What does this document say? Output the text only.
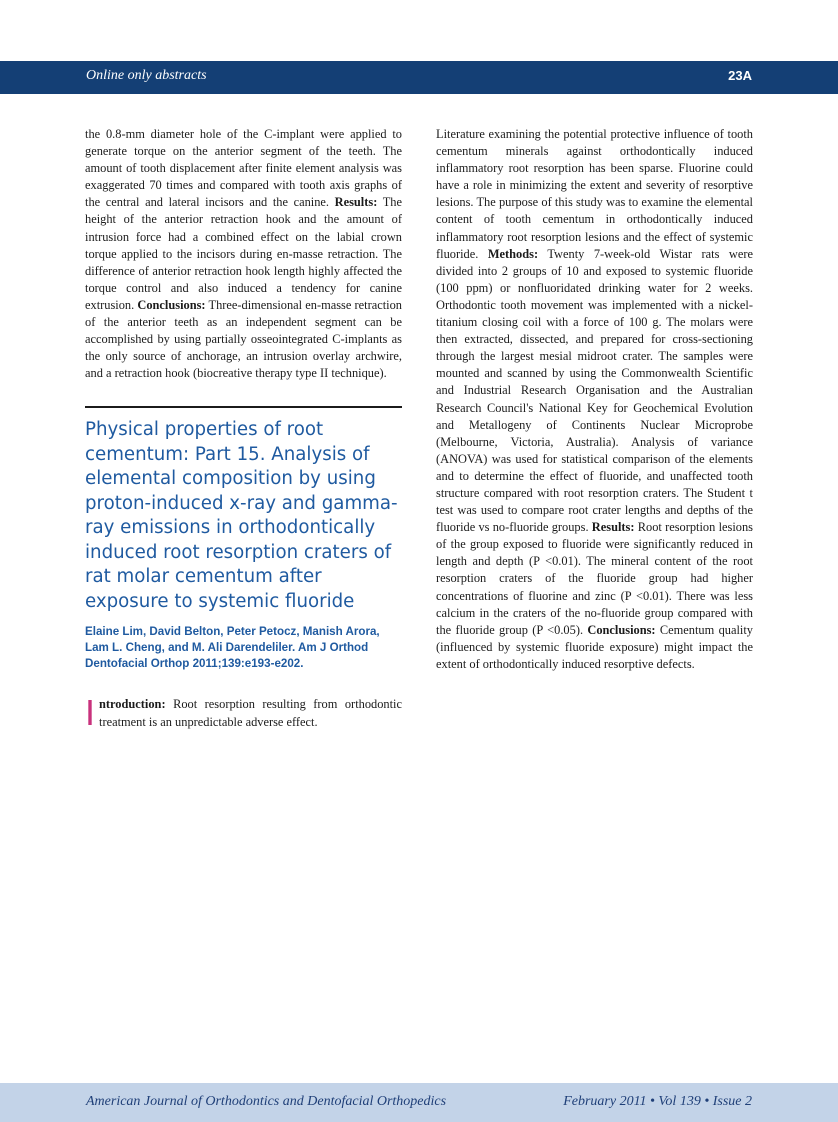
Online only abstracts	23A

the 0.8-mm diameter hole of the C-implant were applied to generate torque on the anterior segment of the teeth. The amount of tooth displacement after finite element analysis was exaggerated 70 times and compared with tooth axis graphs of the central and lateral incisors and the canine. Results: The height of the anterior retraction hook and the amount of intrusion force had a combined effect on the labial crown torque applied to the incisors during en-masse retraction. The difference of anterior retraction hook length highly affected the torque control and also induced a tendency for canine extrusion. Conclusions: Three-dimensional en-masse retraction of the anterior teeth as an independent segment can be accomplished by using partially osseointegrated C-implants as the only source of anchorage, an intrusion overlay archwire, and a retraction hook (biocreative therapy type II technique).

Physical properties of root cementum: Part 15. Analysis of elemental composition by using proton-induced x-ray and gamma-ray emissions in orthodontically induced root resorption craters of rat molar cementum after exposure to systemic fluoride

Elaine Lim, David Belton, Peter Petocz, Manish Arora, Lam L. Cheng, and M. Ali Darendeliler. Am J Orthod Dentofacial Orthop 2011;139:e193-e202.

Introduction: Root resorption resulting from orthodontic treatment is an unpredictable adverse effect.

Literature examining the potential protective influence of tooth cementum minerals against orthodontically induced inflammatory root resorption has been sparse. Fluorine could have a role in minimizing the extent and severity of resorptive lesions. The purpose of this study was to examine the elemental content of tooth cementum in orthodontically induced inflammatory root resorption lesions and the effect of systemic fluoride. Methods: Twenty 7-week-old Wistar rats were divided into 2 groups of 10 and exposed to systemic fluoride (100 ppm) or nonfluoridated drinking water for 2 weeks. Orthodontic tooth movement was implemented with a nickel-titanium closing coil with a force of 100 g. The molars were then extracted, dissected, and prepared for cross-sectioning through the largest mesial midroot crater. The samples were mounted and scanned by using the Commonwealth Scientific and Industrial Research Organisation and the Australian Research Council's National Key for Geochemical Evolution and Metallogeny of Continents Nuclear Microprobe (Melbourne, Victoria, Australia). Analysis of variance (ANOVA) was used for statistical comparison of the elements and to determine the effect of fluoride, and unaffected tooth structure compared with root resorption craters. The Student t test was used to compare root crater lengths and depths of the fluoride vs no-fluoride groups. Results: Root resorption lesions of the group exposed to fluoride were significantly reduced in length and depth (P <0.01). The mineral content of the root resorption craters of the fluoride group had higher concentrations of fluorine and zinc (P <0.01). There was less calcium in the craters of the no-fluoride group compared with the fluoride group (P <0.05). Conclusions: Cementum quality (influenced by systemic fluoride exposure) might impact the extent of orthodontically induced resorptive defects.

American Journal of Orthodontics and Dentofacial Orthopedics	February 2011 • Vol 139 • Issue 2
